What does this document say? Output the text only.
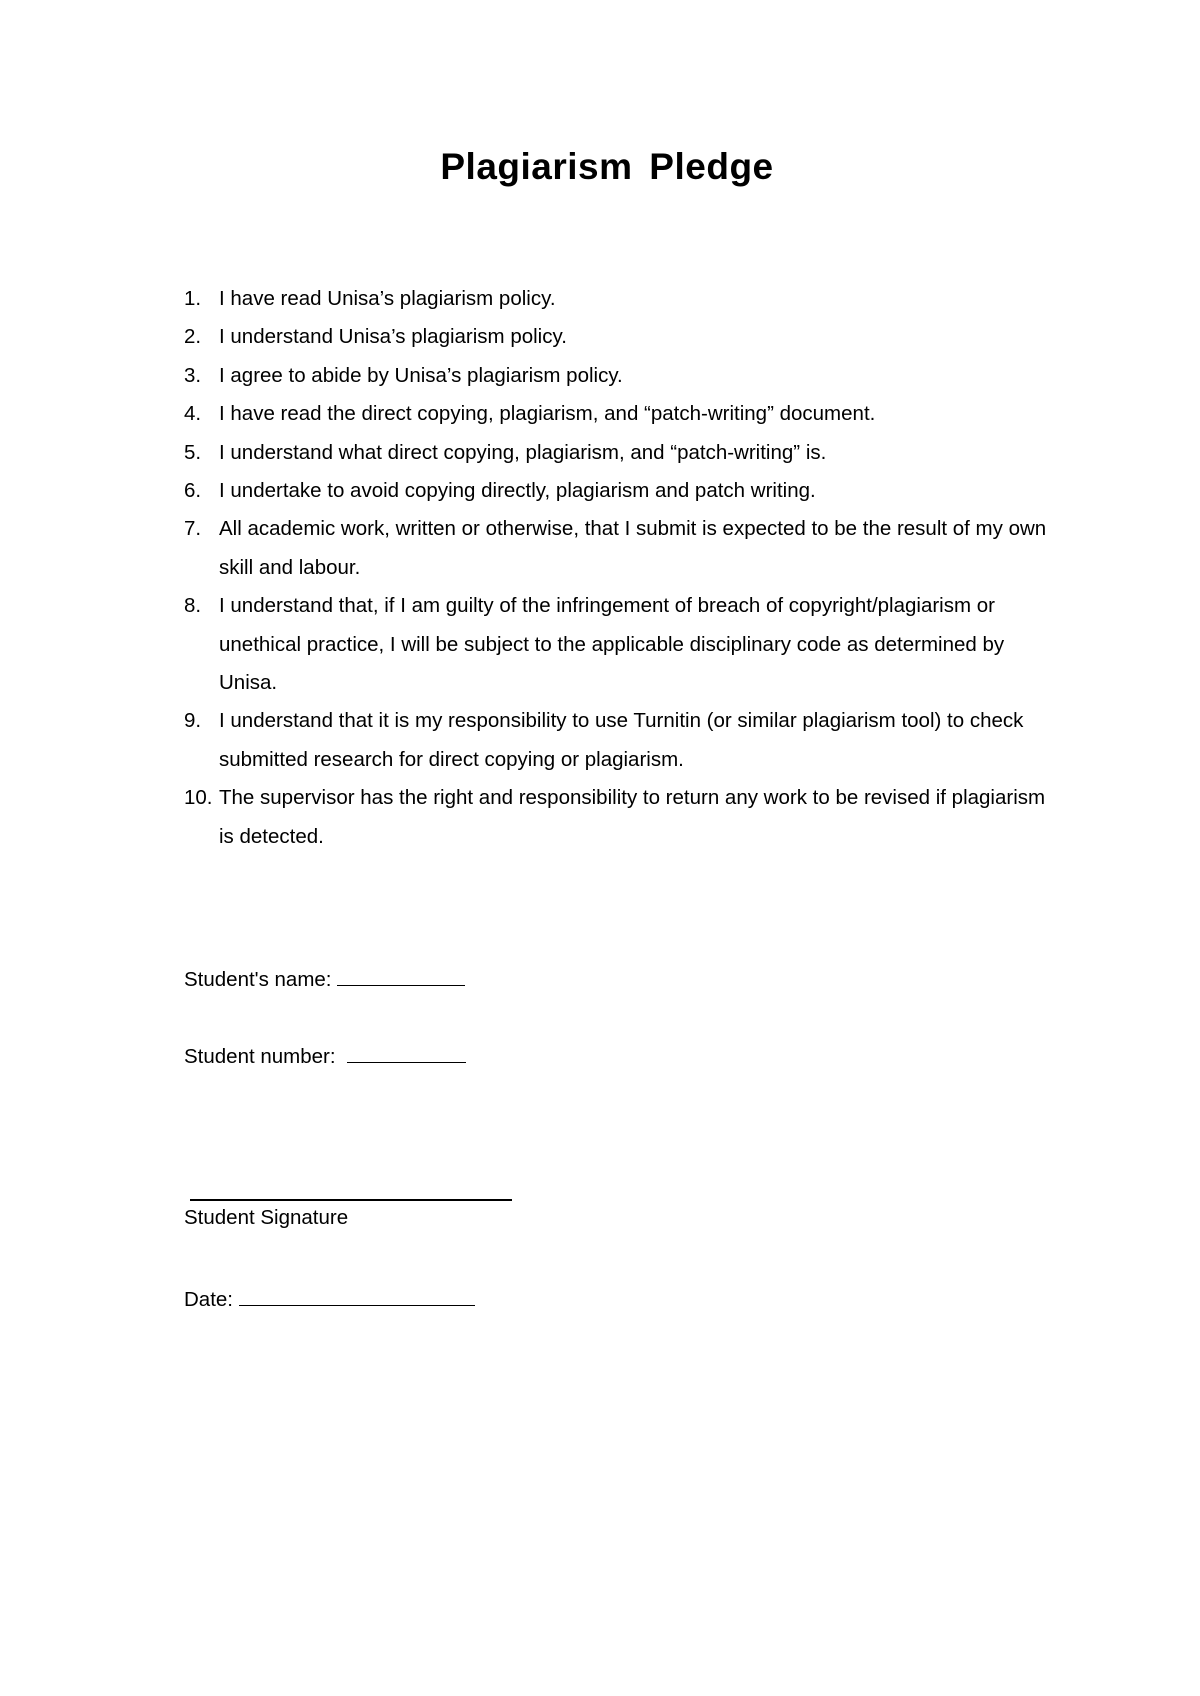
Plagiarism Pledge
1. I have read Unisa’s plagiarism policy.
2. I understand Unisa’s plagiarism policy.
3. I agree to abide by Unisa’s plagiarism policy.
4. I have read the direct copying, plagiarism, and “patch-writing” document.
5. I understand what direct copying, plagiarism, and “patch-writing” is.
6. I undertake to avoid copying directly, plagiarism and patch writing.
7. All academic work, written or otherwise, that I submit is expected to be the result of my own skill and labour.
8. I understand that, if I am guilty of the infringement of breach of copyright/plagiarism or unethical practice, I will be subject to the applicable disciplinary code as determined by Unisa.
9. I understand that it is my responsibility to use Turnitin (or similar plagiarism tool) to check submitted research for direct copying or plagiarism.
10. The supervisor has the right and responsibility to return any work to be revised if plagiarism is detected.
Student's name:
Student number:
Student Signature
Date:
